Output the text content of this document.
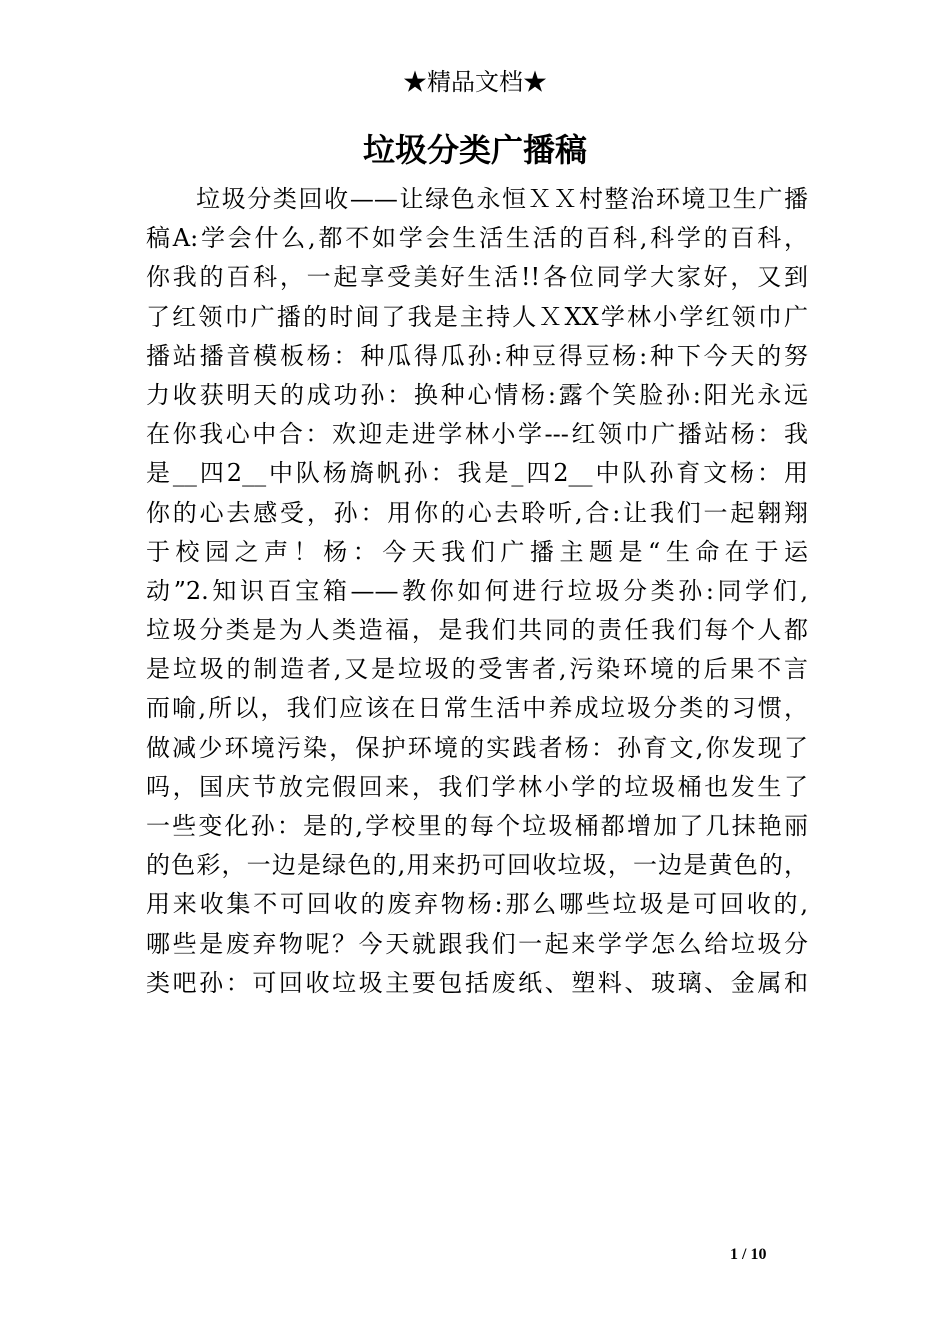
★精品文档★
垃圾分类广播稿
垃圾分类回收——让绿色永恒ＸＸ村整治环境卫生广播
稿A:学会什么,都不如学会生活生活的百科,科学的百科，
你我的百科，一起享受美好生活!!各位同学大家好，又到
了红领巾广播的时间了我是主持人ＸXX学林小学红领巾广
播站播音模板杨：种瓜得瓜孙:种豆得豆杨:种下今天的努
力收获明天的成功孙：换种心情杨:露个笑脸孙:阳光永远
在你我心中合：欢迎走进学林小学---红领巾广播站杨：我
是__四2__中队杨旖帆孙：我是_四2__中队孙育文杨：用
你的心去感受，孙：用你的心去聆听,合:让我们一起翱翔
于校园之声！杨：今天我们广播主题是“生命在于运
动”2.知识百宝箱——教你如何进行垃圾分类孙:同学们,
垃圾分类是为人类造福，是我们共同的责任我们每个人都
是垃圾的制造者,又是垃圾的受害者,污染环境的后果不言
而喻,所以，我们应该在日常生活中养成垃圾分类的习惯，
做减少环境污染，保护环境的实践者杨：孙育文,你发现了
吗，国庆节放完假回来，我们学林小学的垃圾桶也发生了
一些变化孙：是的,学校里的每个垃圾桶都增加了几抹艳丽
的色彩，一边是绿色的,用来扔可回收垃圾，一边是黄色的，
用来收集不可回收的废弃物杨:那么哪些垃圾是可回收的,
哪些是废弃物呢？今天就跟我们一起来学学怎么给垃圾分
类吧孙：可回收垃圾主要包括废纸、塑料、玻璃、金属和
1 / 10
